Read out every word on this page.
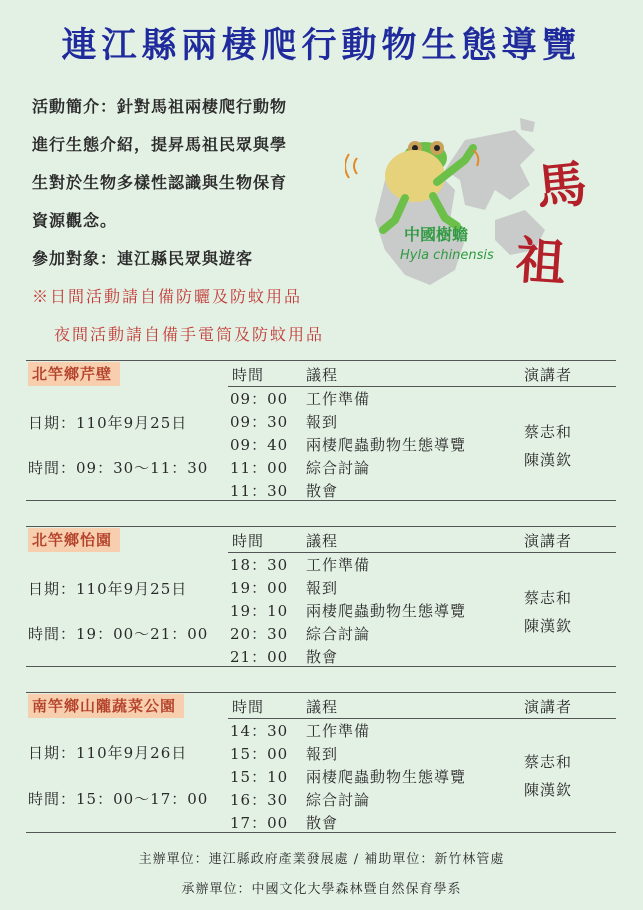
連江縣兩棲爬行動物生態導覽
活動簡介：針對馬祖兩棲爬行動物
進行生態介紹，提昇馬祖民眾與學
生對於生物多樣性認識與生物保育
資源觀念。
參加對象：連江縣民眾與遊客
※日間活動請自備防曬及防蚊用品
夜間活動請自備手電筒及防蚊用品
中國樹蟾
Hyla chinensis
馬
祖
北竿鄉芹壁	時間	議程	演講者
日期：110年9月25日
時間：09：30～11：30
09：00	工作準備
09：30	報到
09：40	兩棲爬蟲動物生態導覽
11：00	綜合討論
11：30	散會
蔡志和
陳漢欽
北竿鄉怡園	時間	議程	演講者
日期：110年9月25日
時間：19：00～21：00
18：30	工作準備
19：00	報到
19：10	兩棲爬蟲動物生態導覽
20：30	綜合討論
21：00	散會
蔡志和
陳漢欽
南竿鄉山隴蔬菜公園	時間	議程	演講者
日期：110年9月26日
時間：15：00～17：00
14：30	工作準備
15：00	報到
15：10	兩棲爬蟲動物生態導覽
16：30	綜合討論
17：00	散會
蔡志和
陳漢欽
主辦單位：連江縣政府產業發展處 / 補助單位：新竹林管處
承辦單位：中國文化大學森林暨自然保育學系
